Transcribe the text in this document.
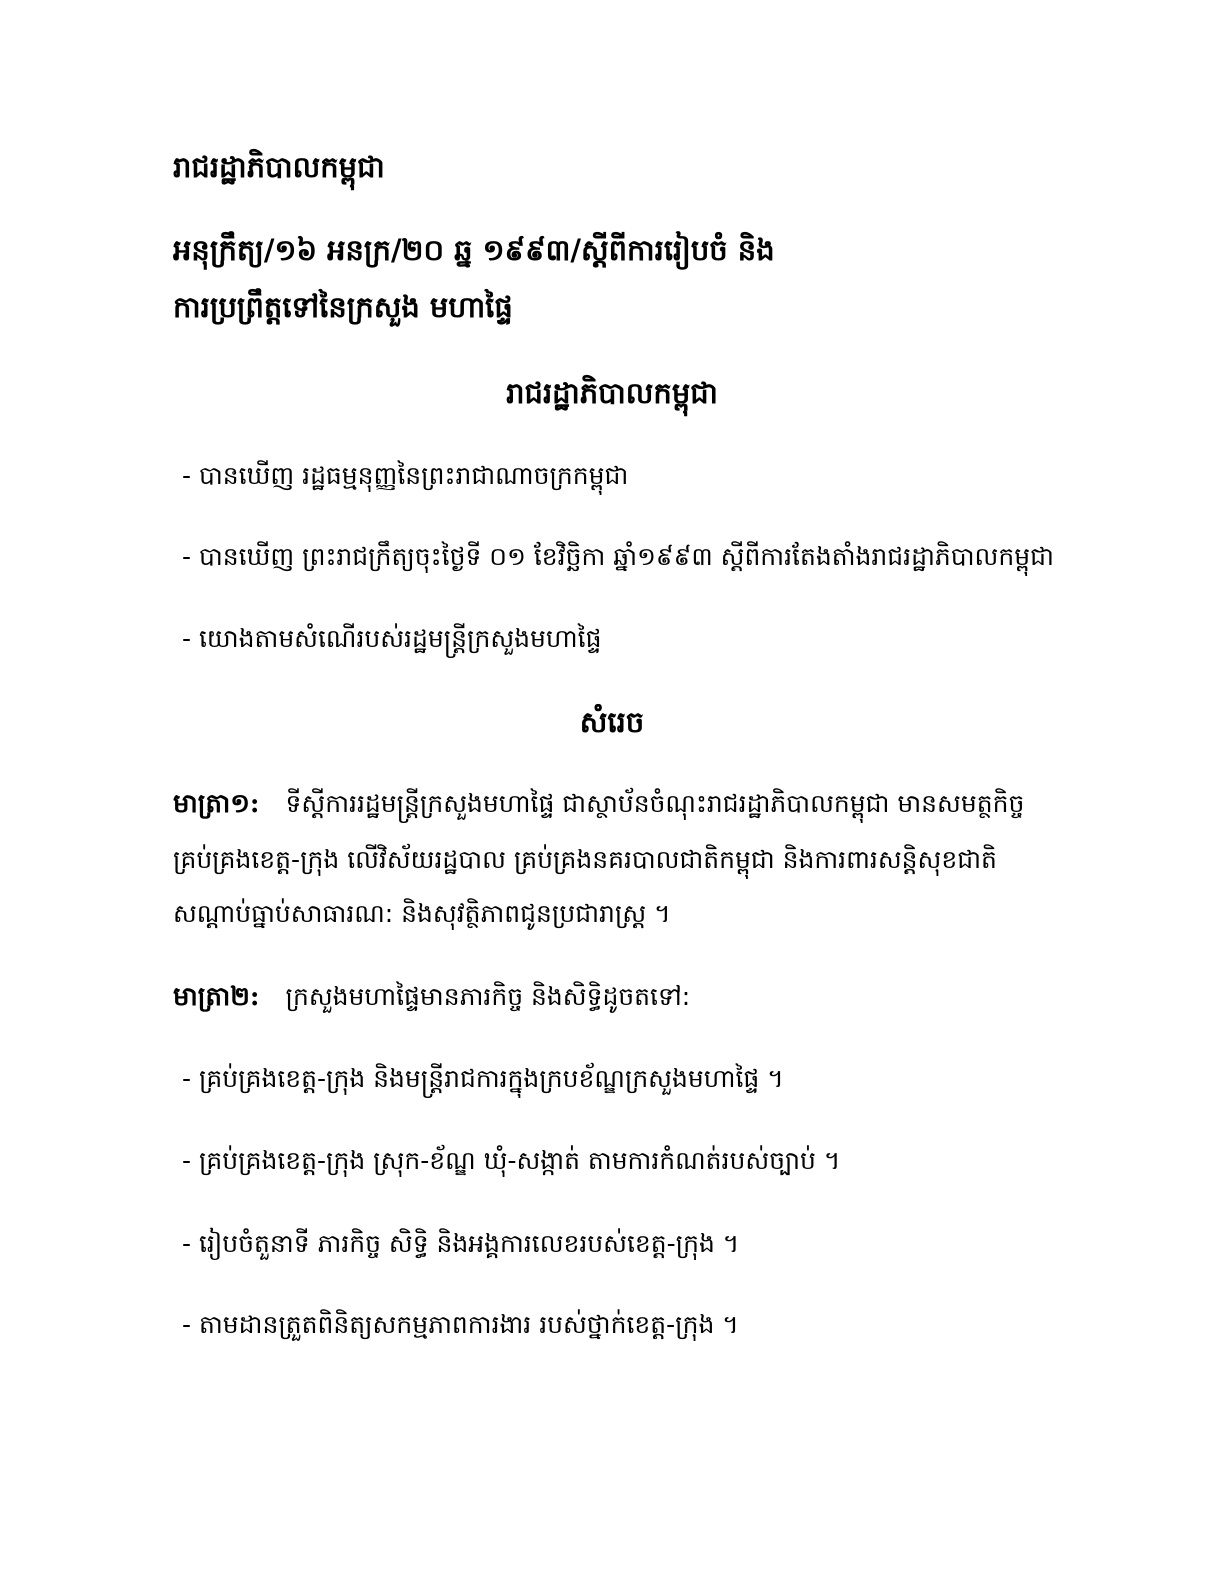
រាជរដ្ឋាភិបាលកម្ពុជា
អនុក្រឹត្យ/១៦ អនក្រ/២០ ឆ្ន ១៩៩៣/ស្ដីពីការរៀបចំ និង
ការប្រព្រឹត្តទៅនៃក្រសួង មហាផ្ទៃ
រាជរដ្ឋាភិបាលកម្ពុជា
- បានឃើញ រដ្ឋធម្មនុញ្ញនៃព្រះរាជាណាចក្រកម្ពុជា
- បានឃើញ ព្រះរាជក្រឹត្យចុះថ្ងៃទី ០១ ខែវិច្ឆិកា ឆ្នាំ១៩៩៣ ស្ដីពីការតែងតាំងរាជរដ្ឋាភិបាលកម្ពុជា
- យោងតាមសំណើរបស់រដ្ឋមន្ត្រីក្រសួងមហាផ្ទៃ
សំរេច
មាត្រា១: ទីស្ដីការរដ្ឋមន្ត្រីក្រសួងមហាផ្ទៃ ជាស្ថាប័នចំណុះរាជរដ្ឋាភិបាលកម្ពុជា មានសមត្ថកិច្ច
គ្រប់គ្រងខេត្ត-ក្រុង លើវិស័យរដ្ឋបាល គ្រប់គ្រងនគរបាលជាតិកម្ពុជា និងការពារសន្តិសុខជាតិ
សណ្ដាប់ធ្នាប់សាធារណ: និងសុវត្ថិភាពជូនប្រជារាស្ត្រ ។
មាត្រា២: ក្រសួងមហាផ្ទៃមានភារកិច្ច និងសិទ្ធិដូចតទៅ:
- គ្រប់គ្រងខេត្ត-ក្រុង និងមន្ត្រីរាជការក្នុងក្របខ័ណ្ឌក្រសួងមហាផ្ទៃ ។
- គ្រប់គ្រងខេត្ត-ក្រុង ស្រុក-ខ័ណ្ឌ ឃុំ-សង្កាត់ តាមការកំណត់របស់ច្បាប់ ។
- រៀបចំតួនាទី ភារកិច្ច សិទ្ធិ និងអង្គការលេខរបស់ខេត្ត-ក្រុង ។
- តាមដានត្រួតពិនិត្យសកម្មភាពការងារ របស់ថ្នាក់ខេត្ត-ក្រុង ។
